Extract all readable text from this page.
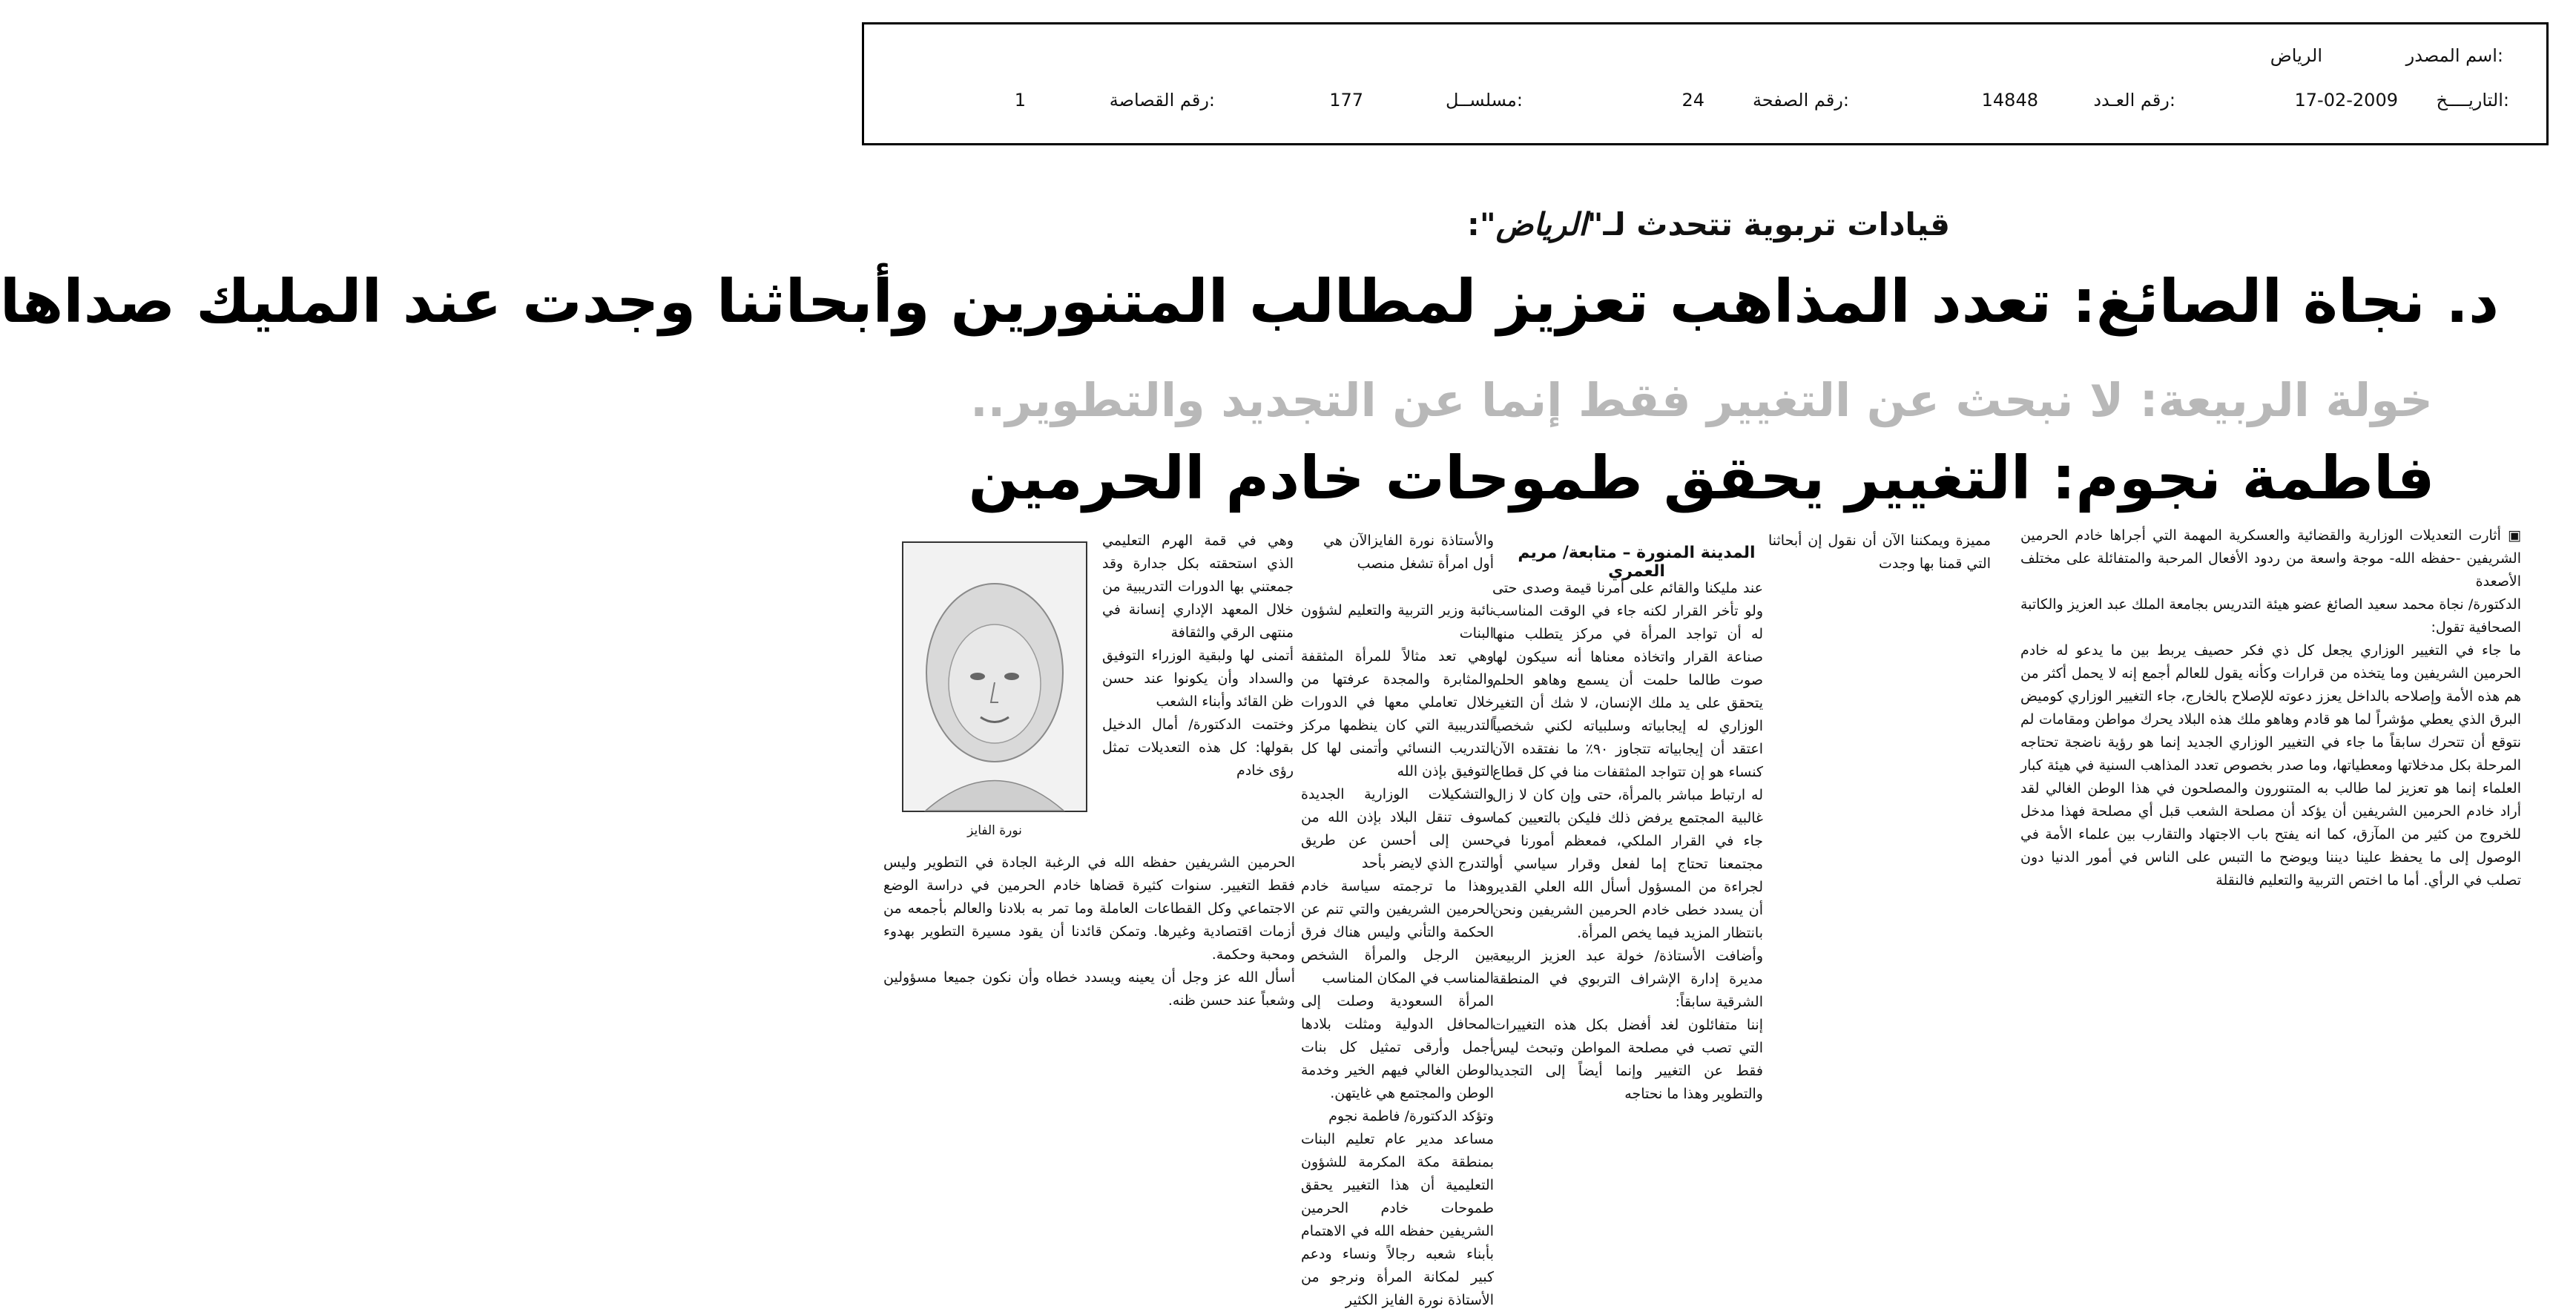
اسم المصدر:
الرياض
التاريــــخ:
17-02-2009
رقم العـدد:
14848
رقم الصفحة:
24
مسلســل:
177
رقم القصاصة:
1
قيادات تربوية تتحدث لـ"الرياض":
د. نجاة الصائغ: تعدد المذاهب تعزيز لمطالب المتنورين وأبحاثنا وجدت عند المليك صداها
خولة الربيعة: لا نبحث عن التغيير فقط إنما عن التجديد والتطوير..
فاطمة نجوم: التغيير يحقق طموحات خادم الحرمين

▣ أثارت التعديلات الوزارية والقضائية والعسكرية المهمة التي أجراها خادم الحرمين الشريفين -حفظه الله- موجة واسعة من ردود الأفعال المرحبة والمتفائلة على مختلف الأصعدة

الدكتورة/ نجاة محمد سعيد الصائغ عضو هيئة التدريس بجامعة الملك عبد العزيز والكاتبة الصحافية تقول:

ما جاء في التغيير الوزاري يجعل كل ذي فكر حصيف يربط بين ما يدعو له خادم الحرمين الشريفين وما يتخذه من قرارات وكأنه يقول للعالم أجمع إنه لا يحمل أكثر من هم هذه الأمة وإصلاحه بالداخل يعزز دعوته للإصلاح بالخارج، جاء التغيير الوزاري كوميض البرق الذي يعطي مؤشراً لما هو قادم وهاهو ملك هذه البلاد يحرك مواطن ومقامات لم نتوقع أن تتحرك سابقاً ما جاء في التغيير الوزاري الجديد إنما هو رؤية ناضجة تحتاجه المرحلة بكل مدخلاتها ومعطياتها، وما صدر بخصوص تعدد المذاهب السنية في هيئة كبار العلماء إنما هو تعزيز لما طالب به المتنورون والمصلحون في هذا الوطن الغالي لقد أراد خادم الحرمين الشريفين أن يؤكد أن مصلحة الشعب قبل أي مصلحة فهذا مدخل للخروج من كثير من المآزق، كما انه يفتح باب الاجتهاد والتقارب بين علماء الأمة في الوصول إلى ما يحفظ علينا ديننا ويوضح ما التبس على الناس في أمور الدنيا دون تصلب في الرأي. أما ما اختص التربية والتعليم فالنقلة

مميزة ويمكننا الآن أن نقول إن أبحاثنا التي قمنا بها وجدت

المدينة المنورة – متابعة/ مريم العمري

عند مليكنا والقائم على أمرنا قيمة وصدى حتى ولو تأخر القرار لكنه جاء في الوقت المناسب له أن تواجد المرأة في مركز يتطلب منها صناعة القرار واتخاذه معناها أنه سيكون لها صوت طالما حلمت أن يسمع وهاهو الحلم يتحقق على يد ملك الإنسان، لا شك أن التغير الوزاري له إيجابياته وسلبياته لكني شخصياً اعتقد أن إيجابياته تتجاوز ٩٠٪ ما نفتقده الآن كنساء هو إن تتواجد المثقفات منا في كل قطاع له ارتباط مباشر بالمرأة، حتى وإن كان لا زال غالبية المجتمع يرفض ذلك فليكن بالتعيين كما جاء في القرار الملكي، فمعظم أمورنا في مجتمعنا تحتاج إما لفعل وقرار سياسي أو لجراءة من المسؤول أسأل الله العلي القدير أن يسدد خطى خادم الحرمين الشريفين ونحن بانتظار المزيد فيما يخص المرأة.

وأضافت الأستاذة/ خولة عبد العزيز الربيعة مديرة إدارة الإشراف التربوي في المنطقة الشرقية سابقاً:

إننا متفائلون لغد أفضل بكل هذه التغييرات التي تصب في مصلحة المواطن وتبحث ليس فقط عن التغيير وإنما أيضاً إلى التجديد والتطوير وهذا ما نحتاجه

والأستاذة نورة الفايزالآن هي أول امرأة تشغل منصب

نائبة وزير التربية والتعليم لشؤون البنات

وهي تعد مثالاً للمرأة المثقفة والمثابرة والمجدة عرفتها من خلال تعاملي معها في الدورات التدريبية التي كان ينظمها مركز التدريب النسائي وأتمنى لها كل التوفيق بإذن الله

والتشكيلات الوزارية الجديدة سوف تنقل البلاد بإذن الله من حسن إلى أحسن عن طريق التدرج الذي لايضر بأحد

وهذا ما ترجمته سياسة خادم الحرمين الشريفين والتي تنم عن الحكمة والتأني وليس هناك فرق بين الرجل والمرأة الشخص المناسب في المكان المناسب

المرأة السعودية وصلت إلى المحافل الدولية ومثلت بلادها أجمل وأرقى تمثيل كل بنات الوطن الغالي فيهم الخير وخدمة الوطن والمجتمع هي غايتهن.

وتؤكد الدكتورة/ فاطمة نجوم

مساعد مدير عام تعليم البنات بمنطقة مكة المكرمة للشؤون التعليمية أن هذا التغيير يحقق طموحات خادم الحرمين الشريفين حفظه الله في الاهتمام بأبناء شعبه رجالاً ونساء ودعم كبير لمكانة المرأة ونرجو من الأستاذة نورة الفايز الكثير

وهي في قمة الهرم التعليمي الذي استحقته بكل جدارة وقد جمعتني بها الدورات التدريبية من خلال المعهد الإداري إنسانة في منتهى الرقي والثقافة

أتمنى لها ولبقية الوزراء التوفيق والسداد وأن يكونوا عند حسن ظن القائد وأبناء الشعب

وختمت الدكتورة/ أمال الدخيل بقولها: كل هذه التعديلات تمثل رؤى خادم

الحرمين الشريفين حفظه الله في الرغبة الجادة في التطوير وليس فقط التغيير. سنوات كثيرة قضاها خادم الحرمين في دراسة الوضع الاجتماعي وكل القطاعات العاملة وما تمر به بلادنا والعالم بأجمعه من أزمات اقتصادية وغيرها. وتمكن قائدنا أن يقود مسيرة التطوير بهدوء ومحبة وحكمة.

أسأل الله عز وجل أن يعينه ويسدد خطاه وأن نكون جميعا مسؤولين وشعباً عند حسن ظنه.

نورة الفايز
